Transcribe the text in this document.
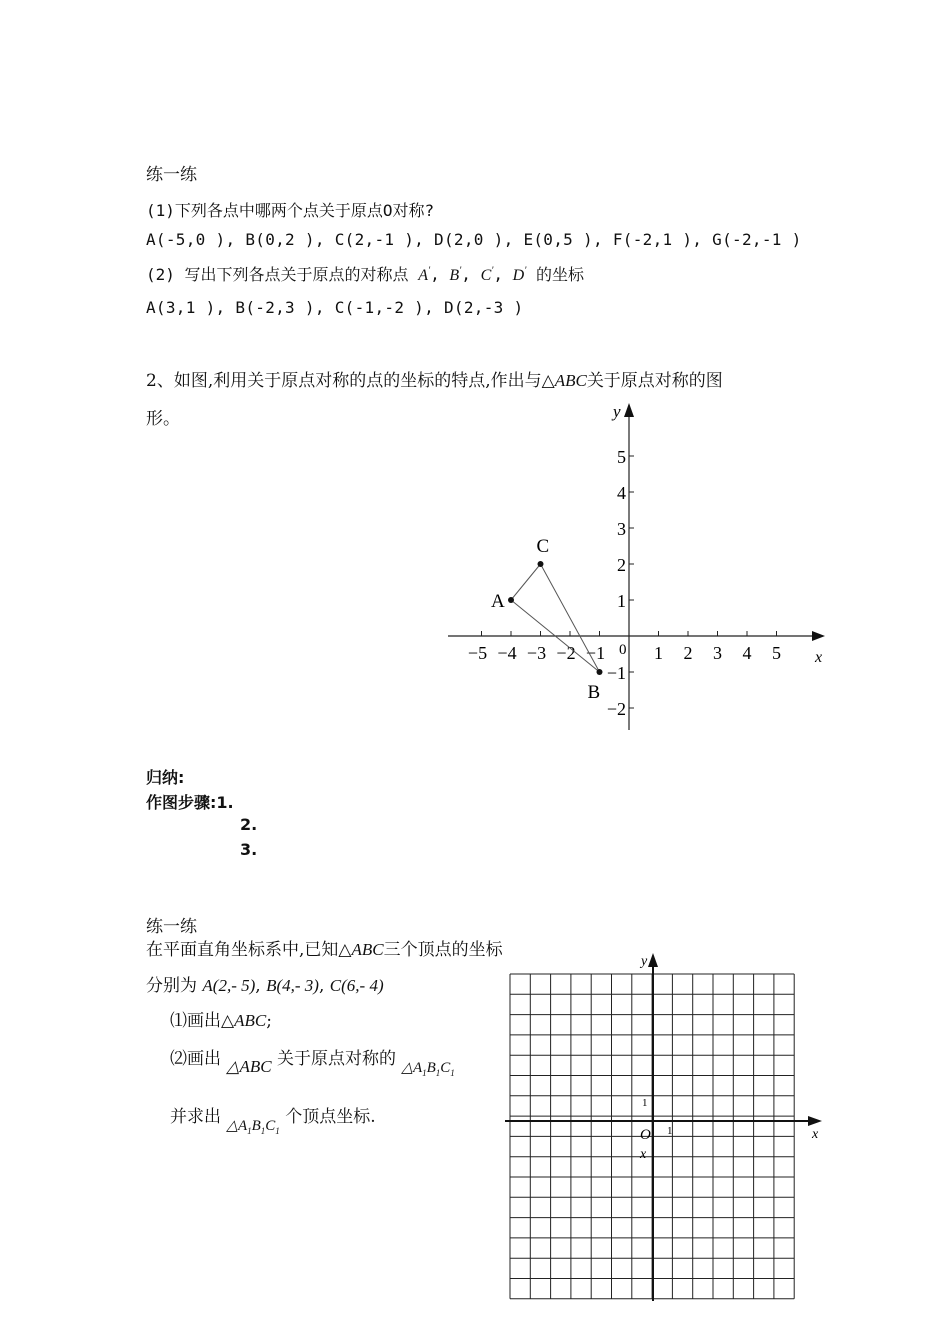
练一练
(1)下列各点中哪两个点关于原点O对称?
A(-5,0 ), B(0,2 ), C(2,-1 ), D(2,0 ), E(0,5 ), F(-2,1 ), G(-2,-1 )
(2) 写出下列各点关于原点的对称点 A', B', C', D' 的坐标
A(3,1 ), B(-2,3 ), C(-1,-2 ), D(2,-3 )
2、如图,利用关于原点对称的点的坐标的特点,作出与△ABC关于原点对称的图
形。	y
x
0
−5 −4 −3 −2 −1	1 2 3 4 5
−2
−1
1
2
3
4
5
A
C
B
归纳:
作图步骤:1.
2.
3.
练一练
在平面直角坐标系中,已知△ABC三个顶点的坐标
分别为 A(2,- 5), B(4,- 3), C(6,- 4)
⑴画出△ABC;
⑵画出 △ABC 关于原点对称的 $\triangle A_1B_1C_1$
并求出 $\triangle A_1B_1C_1$ 个顶点坐标.
y
x
O
1
1
x
